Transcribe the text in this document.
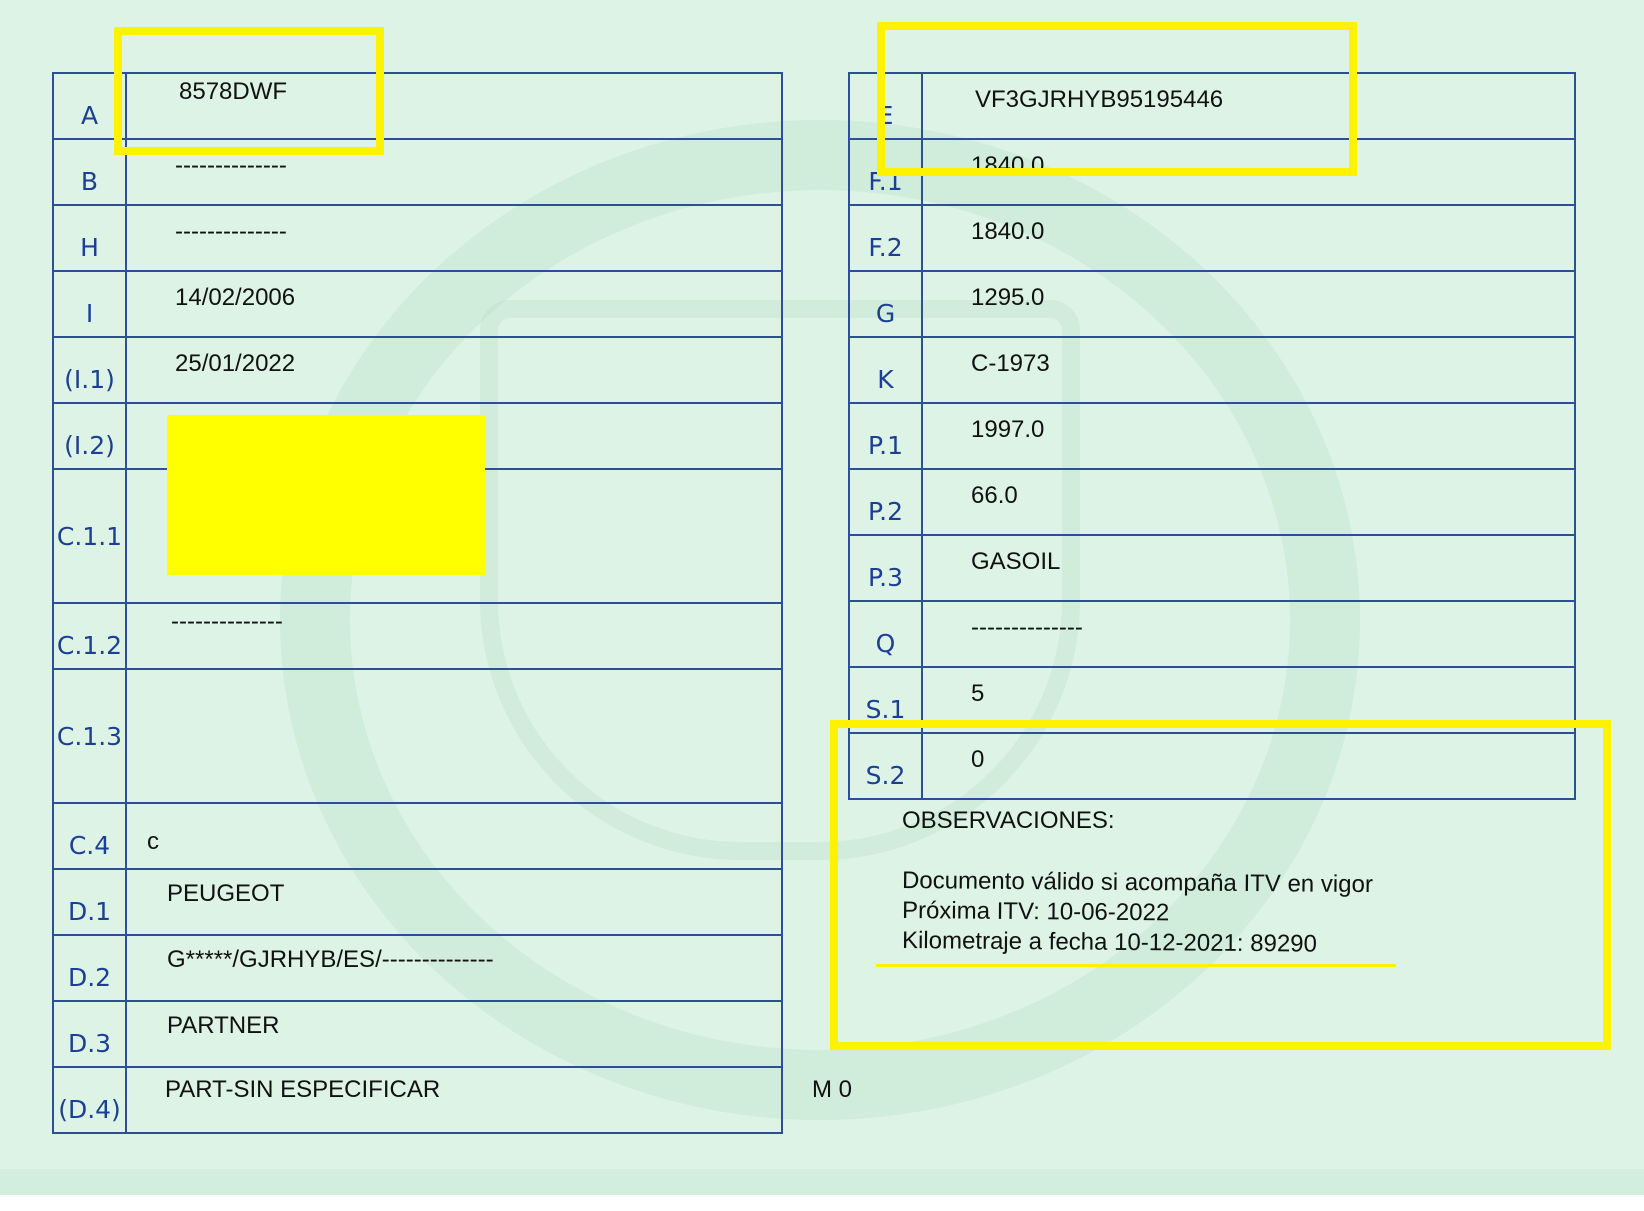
A	8578DWF

B	--------------

H	--------------

I	14/02/2006

(I.1)	25/01/2022

(I.2)	

C.1.1	

C.1.2	--------------

C.1.3	

C.4	c

D.1	PEUGEOT

D.2	G*****/GJRHYB/ES/--------------

D.3	PARTNER

(D.4)	PART-SIN ESPECIFICAR
E	VF3GJRHYB95195446

F.1	1840.0

F.2	1840.0

G	1295.0

K	C-1973

P.1	1997.0

P.2	66.0

P.3	GASOIL

Q	--------------

S.1	5

S.2	0
OBSERVACIONES:
Documento válido si acompaña ITV en vigor
Próxima ITV: 10-06-2022
Kilometraje a fecha 10-12-2021: 89290
M 0
